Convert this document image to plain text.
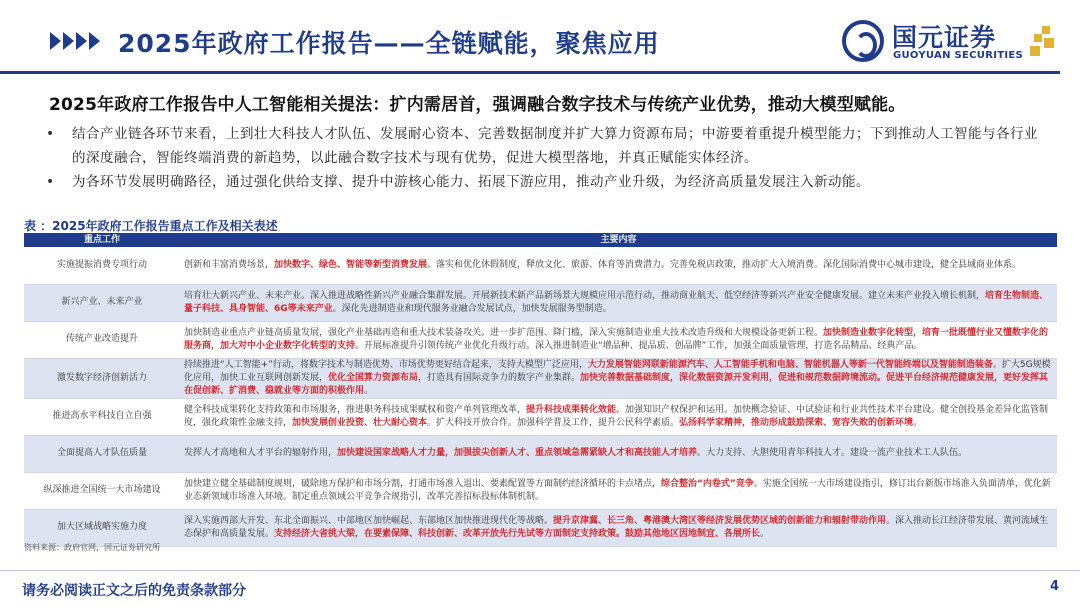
2025年政府工作报告——全链赋能，聚焦应用	国元证券
GUOYUAN SECURITIES
2025年政府工作报告中人工智能相关提法：扩内需居首，强调融合数字技术与传统产业优势，推动大模型赋能。
• 结合产业链各环节来看，上到壮大科技人才队伍、发展耐心资本、完善数据制度并扩大算力资源布局；中游要着重提升模型能力；下到推动人工智能与各行业的深度融合，智能终端消费的新趋势，以此融合数字技术与现有优势，促进大模型落地，并真正赋能实体经济。
• 为各环节发展明确路径，通过强化供给支撑、提升中游核心能力、拓展下游应用，推动产业升级，为经济高质量发展注入新动能。
表 ：2025年政府工作报告重点工作及相关表述
重点工作	主要内容
实施提振消费专项行动	创新和丰富消费场景，加快数字、绿色、智能等新型消费发展。落实和优化休假制度，释放文化、旅游、体育等消费潜力。完善免税店政策，推动扩大入境消费。深化国际消费中心城市建设，健全县域商业体系。
新兴产业、未来产业	培育壮大新兴产业、未来产业。深入推进战略性新兴产业融合集群发展。开展新技术新产品新场景大规模应用示范行动，推动商业航天、低空经济等新兴产业安全健康发展。建立未来产业投入增长机制，培育生物制造、量子科技、具身智能、6G等未来产业。深化先进制造业和现代服务业融合发展试点，加快发展服务型制造。
传统产业改造提升	加快制造业重点产业链高质量发展，强化产业基础再造和重大技术装备攻关。进一步扩范围、降门槛，深入实施制造业重大技术改造升级和大规模设备更新工程。加快制造业数字化转型，培育一批既懂行业又懂数字化的服务商，加大对中小企业数字化转型的支持。开展标准提升引领传统产业优化升级行动。深入推进制造业“增品种、提品质、创品牌”工作，加强全面质量管理，打造名品精品、经典产品。
激发数字经济创新活力	持续推进“人工智能+”行动，将数字技术与制造优势、市场优势更好结合起来，支持大模型广泛应用，大力发展智能网联新能源汽车、人工智能手机和电脑、智能机器人等新一代智能终端以及智能制造装备。扩大5G规模化应用，加快工业互联网创新发展，优化全国算力资源布局，打造具有国际竞争力的数字产业集群。加快完善数据基础制度，深化数据资源开发利用，促进和规范数据跨境流动。促进平台经济规范健康发展，更好发挥其在促创新、扩消费、稳就业等方面的积极作用。
推进高水平科技自立自强	健全科技成果转化支持政策和市场服务，推进职务科技成果赋权和资产单列管理改革，提升科技成果转化效能。加强知识产权保护和运用。加快概念验证、中试验证和行业共性技术平台建设。健全创投基金差异化监管制度，强化政策性金融支持，加快发展创业投资、壮大耐心资本。扩大科技开放合作。加强科学普及工作，提升公民科学素质。弘扬科学家精神，推动形成鼓励探索、宽容失败的创新环境。
全面提高人才队伍质量	发挥人才高地和人才平台的辐射作用，加快建设国家战略人才力量，加强拔尖创新人才、重点领域急需紧缺人才和高技能人才培养。大力支持、大胆使用青年科技人才。建设一流产业技术工人队伍。
纵深推进全国统一大市场建设	加快建立健全基础制度规则，破除地方保护和市场分割，打通市场准入退出、要素配置等方面制约经济循环的卡点堵点，综合整治“内卷式”竞争。实施全国统一大市场建设指引，修订出台新版市场准入负面清单，优化新业态新领域市场准入环境。制定重点领域公平竞争合规指引，改革完善招标投标体制机制。
加大区域战略实施力度	深入实施西部大开发、东北全面振兴、中部地区加快崛起、东部地区加快推进现代化等战略。提升京津冀、长三角、粤港澳大湾区等经济发展优势区域的创新能力和辐射带动作用。深入推动长江经济带发展、黄河流域生态保护和高质量发展。支持经济大省挑大梁，在要素保障、科技创新、改革开放先行先试等方面制定支持政策。鼓励其他地区因地制宜、各展所长。
资料来源：政府官网、国元证券研究所
请务必阅读正文之后的免责条款部分	4
